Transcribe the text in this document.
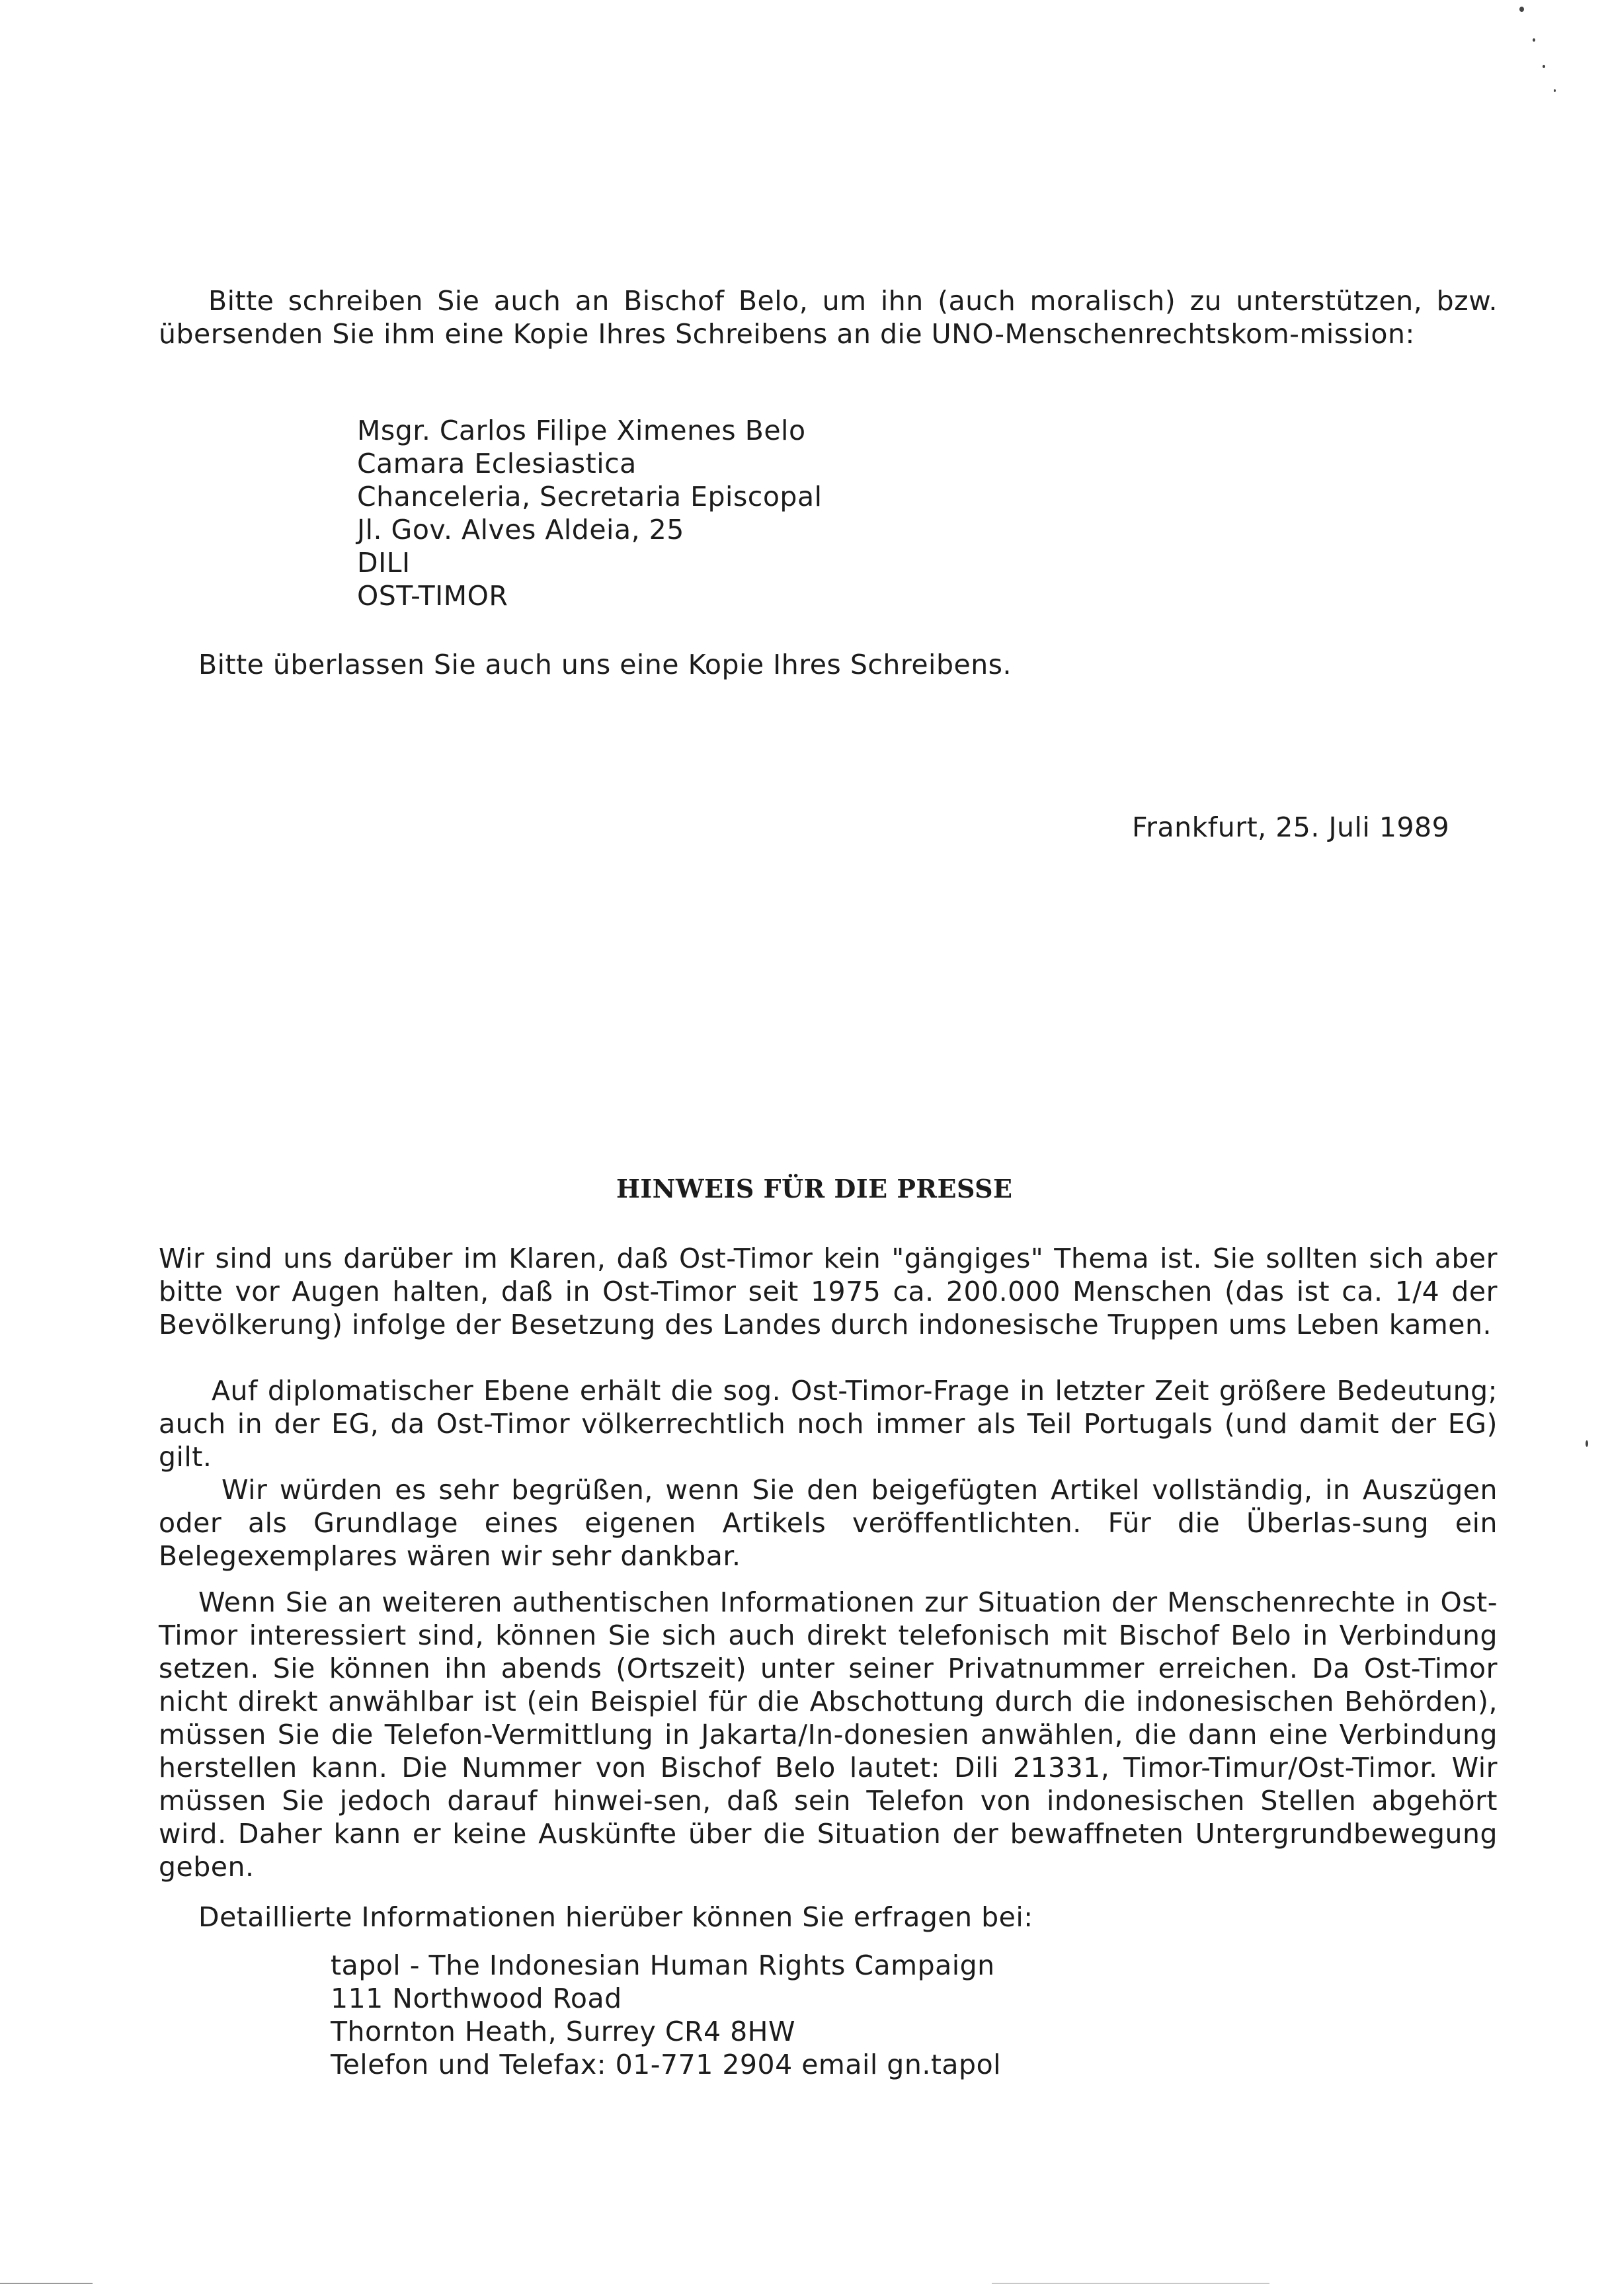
Bitte schreiben Sie auch an Bischof Belo, um ihn (auch moralisch) zu unterstützen, bzw. übersenden Sie ihm eine Kopie Ihres Schreibens an die UNO-Menschenrechtskom-mission:
Msgr. Carlos Filipe Ximenes Belo
Camara Eclesiastica
Chanceleria, Secretaria Episcopal
Jl. Gov. Alves Aldeia, 25
DILI
OST-TIMOR
Bitte überlassen Sie auch uns eine Kopie Ihres Schreibens.
Frankfurt, 25. Juli 1989
HINWEIS FÜR DIE PRESSE
Wir sind uns darüber im Klaren, daß Ost-Timor kein "gängiges" Thema ist. Sie sollten sich aber bitte vor Augen halten, daß in Ost-Timor seit 1975 ca. 200.000 Menschen (das ist ca. 1/4 der Bevölkerung) infolge der Besetzung des Landes durch indonesische Truppen ums Leben kamen.
Auf diplomatischer Ebene erhält die sog. Ost-Timor-Frage in letzter Zeit größere Bedeutung; auch in der EG, da Ost-Timor völkerrechtlich noch immer als Teil Portugals (und damit der EG) gilt.
Wir würden es sehr begrüßen, wenn Sie den beigefügten Artikel vollständig, in Auszügen oder als Grundlage eines eigenen Artikels veröffentlichten. Für die Überlas-sung ein Belegexemplares wären wir sehr dankbar.
Wenn Sie an weiteren authentischen Informationen zur Situation der Menschenrechte in Ost-Timor interessiert sind, können Sie sich auch direkt telefonisch mit Bischof Belo in Verbindung setzen. Sie können ihn abends (Ortszeit) unter seiner Privatnummer erreichen. Da Ost-Timor nicht direkt anwählbar ist (ein Beispiel für die Abschottung durch die indonesischen Behörden), müssen Sie die Telefon-Vermittlung in Jakarta/In-donesien anwählen, die dann eine Verbindung herstellen kann. Die Nummer von Bischof Belo lautet: Dili 21331, Timor-Timur/Ost-Timor. Wir müssen Sie jedoch darauf hinwei-sen, daß sein Telefon von indonesischen Stellen abgehört wird. Daher kann er keine Auskünfte über die Situation der bewaffneten Untergrundbewegung geben.
Detaillierte Informationen hierüber können Sie erfragen bei:
tapol - The Indonesian Human Rights Campaign
111 Northwood Road
Thornton Heath, Surrey CR4 8HW
Telefon und Telefax: 01-771 2904 email gn.tapol
